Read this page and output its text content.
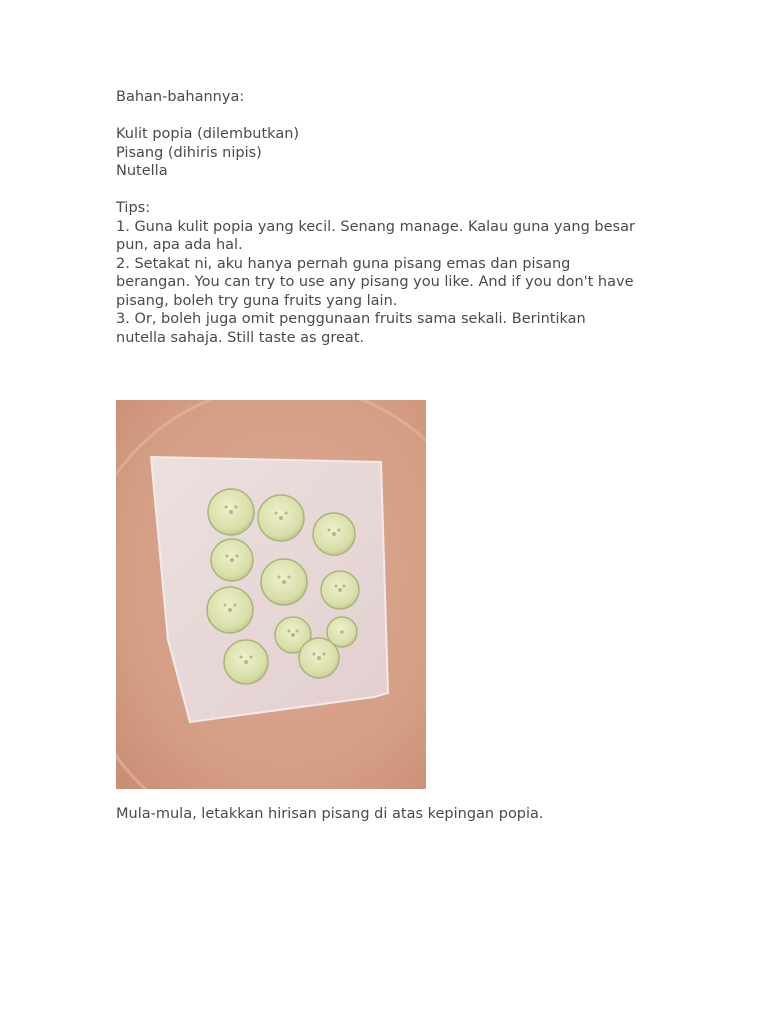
Bahan-bahannya:

Kulit popia (dilembutkan)

Pisang (dihiris nipis)

Nutella

Tips:

1. Guna kulit popia yang kecil. Senang manage. Kalau guna yang besar

pun, apa ada hal.

2. Setakat ni, aku hanya pernah guna pisang emas dan pisang

berangan. You can try to use any pisang you like. And if you don't have

pisang, boleh try guna fruits yang lain.

3. Or, boleh juga omit penggunaan fruits sama sekali. Berintikan

nutella sahaja. Still taste as great.

Mula-mula, letakkan hirisan pisang di atas kepingan popia.
